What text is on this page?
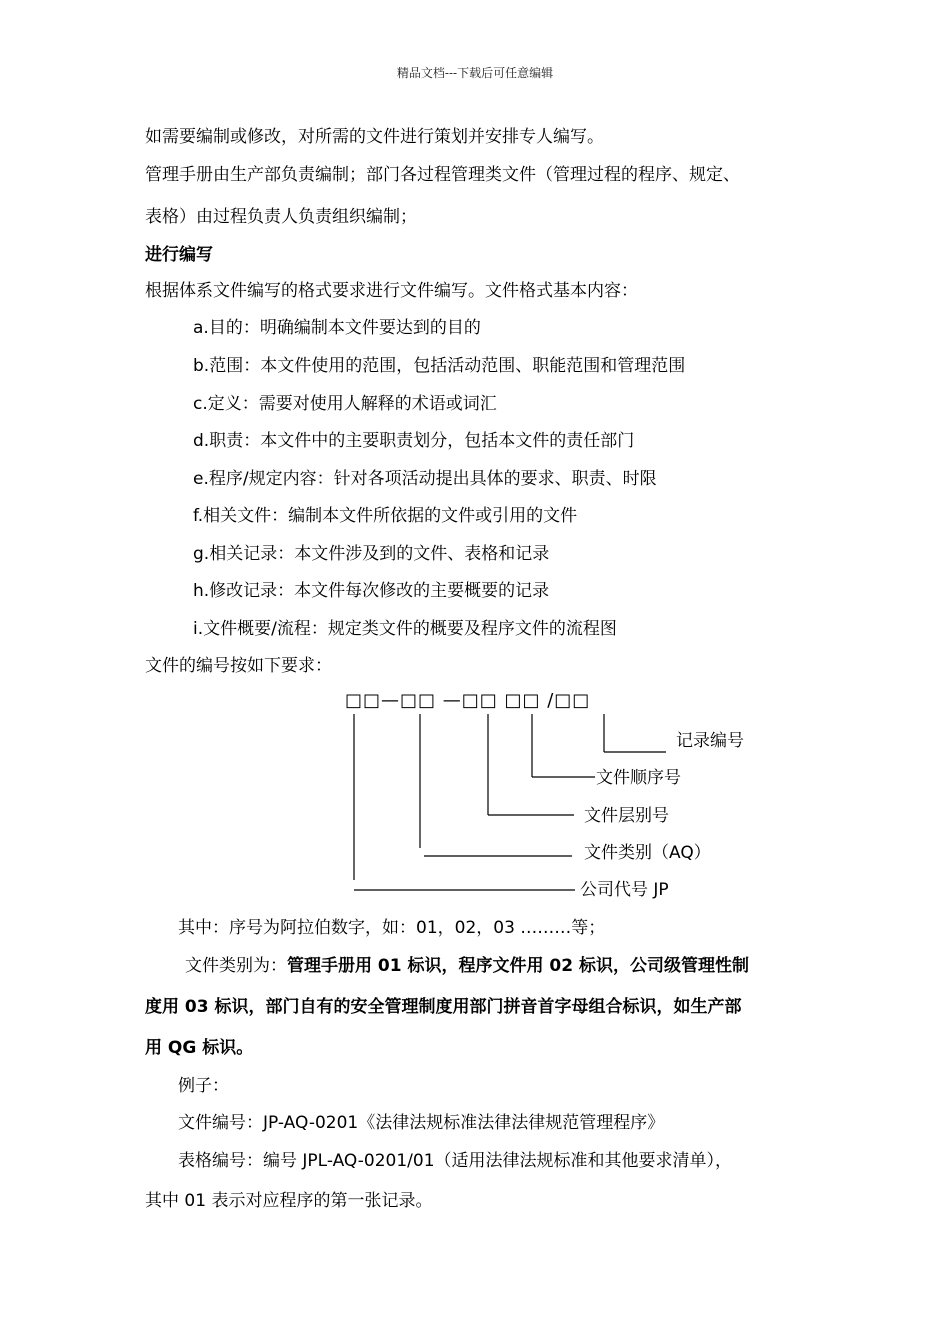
精品文档---下载后可任意编辑
如需要编制或修改，对所需的文件进行策划并安排专人编写。
管理手册由生产部负责编制；部门各过程管理类文件（管理过程的程序、规定、
表格）由过程负责人负责组织编制；
进行编写
根据体系文件编写的格式要求进行文件编写。文件格式基本内容：
a.目的：明确编制本文件要达到的目的
b.范围：本文件使用的范围，包括活动范围、职能范围和管理范围
c.定义：需要对使用人解释的术语或词汇
d.职责：本文件中的主要职责划分，包括本文件的责任部门
e.程序/规定内容：针对各项活动提出具体的要求、职责、时限
f.相关文件：编制本文件所依据的文件或引用的文件
g.相关记录：本文件涉及到的文件、表格和记录
h.修改记录：本文件每次修改的主要概要的记录
i.文件概要/流程：规定类文件的概要及程序文件的流程图
文件的编号按如下要求：
□□—□□ —□□ □□ /□□
记录编号
文件顺序号
文件层别号
文件类别（AQ）
公司代号 JP
其中：序号为阿拉伯数字，如：01，02，03 ………等；
文件类别为：管理手册用 01 标识，程序文件用 02 标识，公司级管理性制
度用 03 标识，部门自有的安全管理制度用部门拼音首字母组合标识，如生产部
用 QG 标识。
例子：
文件编号：JP-AQ-0201《法律法规标准法律法律规范管理程序》
表格编号：编号 JPL-AQ-0201/01（适用法律法规标准和其他要求清单），
其中 01 表示对应程序的第一张记录。
